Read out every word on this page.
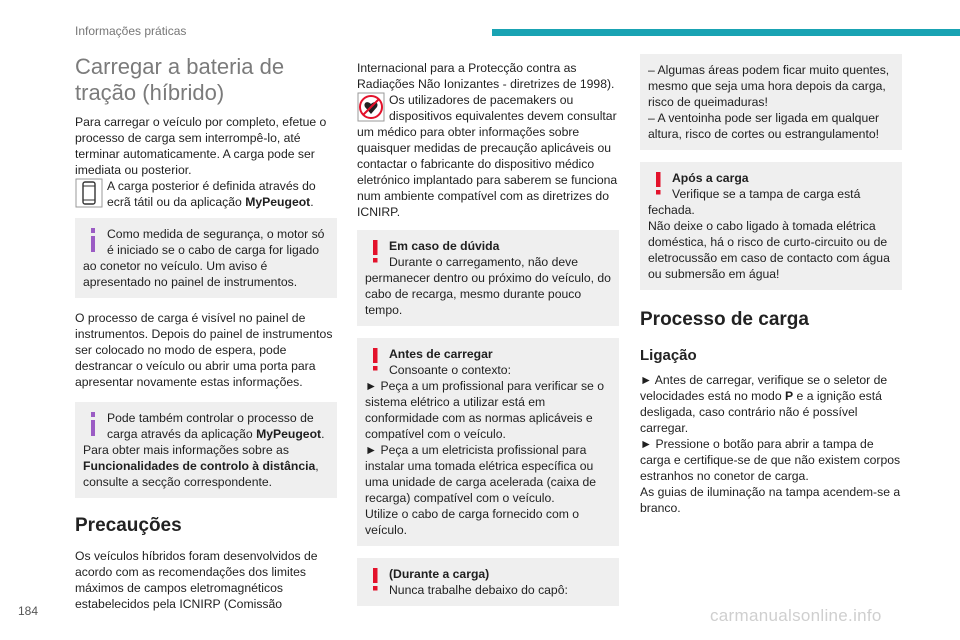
Informações práticas
Carregar a bateria de tração (híbrido)

Para carregar o veículo por completo, efetue o processo de carga sem interrompê-lo, até terminar automaticamente. A carga pode ser imediata ou posterior.

A carga posterior é definida através do ecrã tátil ou da aplicação MyPeugeot.
Como medida de segurança, o motor só é iniciado se o cabo de carga for ligado ao conetor no veículo. Um aviso é apresentado no painel de instrumentos.

O processo de carga é visível no painel de instrumentos. Depois do painel de instrumentos ser colocado no modo de espera, pode destrancar o veículo ou abrir uma porta para apresentar novamente estas informações.

Pode também controlar o processo de carga através da aplicação MyPeugeot.
Para obter mais informações sobre as Funcionalidades de controlo à distância, consulte a secção correspondente.
Precauções

Os veículos híbridos foram desenvolvidos de acordo com as recomendações dos limites máximos de campos eletromagnéticos estabelecidos pela ICNIRP (Comissão

Internacional para a Protecção contra as Radiações Não Ionizantes - diretrizes de 1998).

Os utilizadores de pacemakers ou dispositivos equivalentes devem consultar um médico para obter informações sobre quaisquer medidas de precaução aplicáveis ou contactar o fabricante do dispositivo médico eletrónico implantado para saberem se funciona num ambiente compatível com as diretrizes do ICNIRP.
Em caso de dúvida
Durante o carregamento, não deve permanecer dentro ou próximo do veículo, do cabo de recarga, mesmo durante pouco tempo.
Antes de carregar
Consoante o contexto:
► Peça a um profissional para verificar se o sistema elétrico a utilizar está em conformidade com as normas aplicáveis e compatível com o veículo.
► Peça a um eletricista profissional para instalar uma tomada elétrica específica ou uma unidade de carga acelerada (caixa de recarga) compatível com o veículo.
Utilize o cabo de carga fornecido com o veículo.
(Durante a carga)
Nunca trabalhe debaixo do capô:
– Algumas áreas podem ficar muito quentes, mesmo que seja uma hora depois da carga, risco de queimaduras!
– A ventoinha pode ser ligada em qualquer altura, risco de cortes ou estrangulamento!
Após a carga
Verifique se a tampa de carga está fechada.
Não deixe o cabo ligado à tomada elétrica doméstica, há o risco de curto-circuito ou de eletrocussão em caso de contacto com água ou submersão em água!
Processo de carga
Ligação

► Antes de carregar, verifique se o seletor de velocidades está no modo P e a ignição está desligada, caso contrário não é possível carregar.

► Pressione o botão para abrir a tampa de carga e certifique-se de que não existem corpos estranhos no conetor de carga.

As guias de iluminação na tampa acendem-se a branco.

184	carmanualsonline.info
